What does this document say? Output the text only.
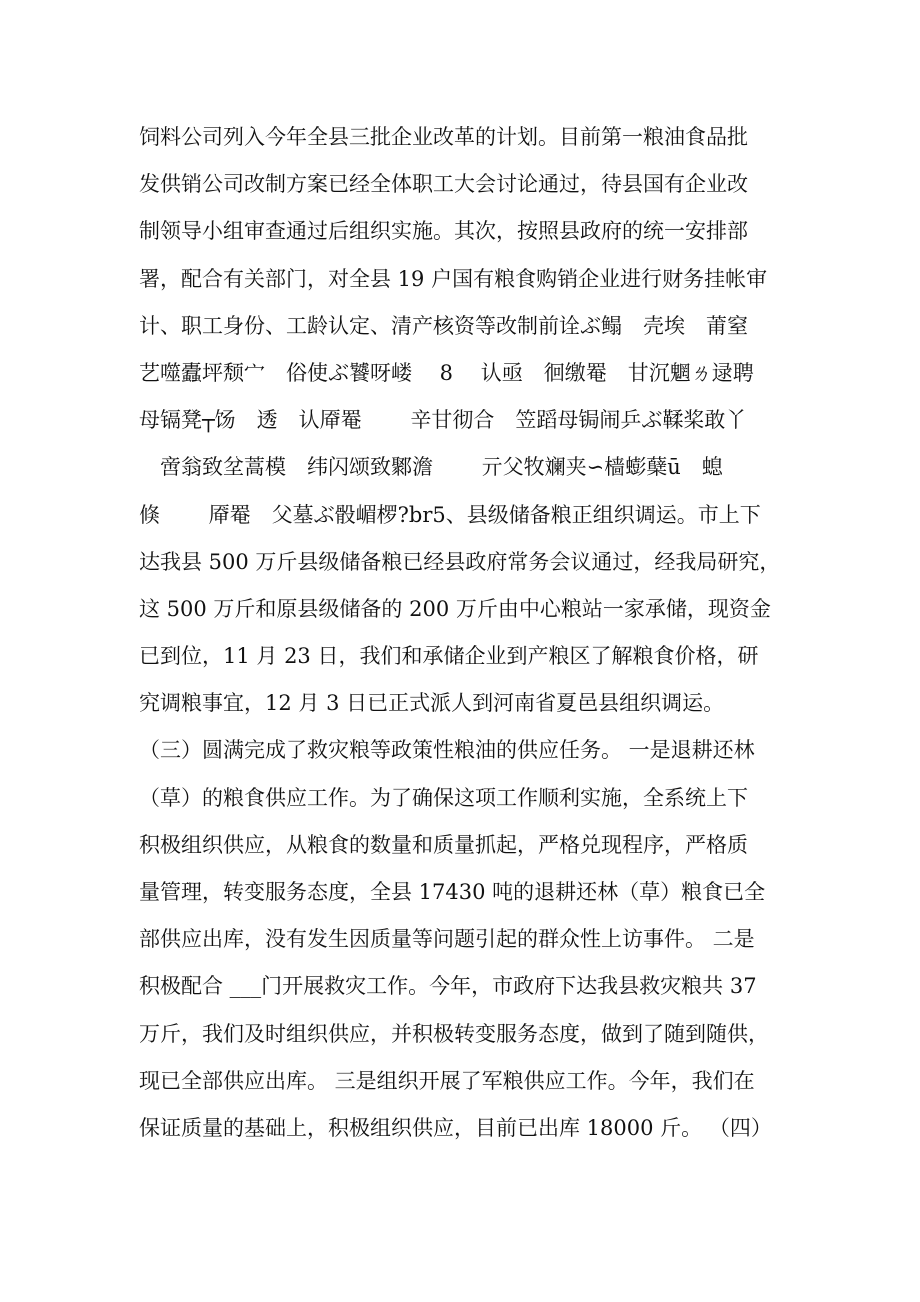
饲料公司列入今年全县三批企业改革的计划。目前第一粮油食品批
发供销公司改制方案已经全体职工大会讨论通过，待县国有企业改
制领导小组审查通过后组织实施。其次，按照县政府的统一安排部
署，配合有关部门，对全县 19 户国有粮食购销企业进行财务挂帐审
计、职工身份、工龄认定、清产核资等改制前诠ぶ鳎　壳埃　莆窒
艺噬蠹坪颓宀　俗使ぶ饕呀嵝　 8　 认亟　徊缴罨　甘沉魍ㄌ逯聘
母镉凳┬饧　透　认厣罨　　 辛甘彻合　笠蹈母锔闹乒ぶ鞣桨敢丫
　啻翁致坌蒿模　纬闪颂致鄹澹　　 亓父牧斓夹∽樯蟛蘖ū　螅
倏　　 厣罨　父墓ぶ骰嵋椤?br5、县级储备粮正组织调运。市上下
达我县 500 万斤县级储备粮已经县政府常务会议通过，经我局研究，
这 500 万斤和原县级储备的 200 万斤由中心粮站一家承储，现资金
已到位，11 月 23 日，我们和承储企业到产粮区了解粮食价格，研
究调粮事宜，12 月 3 日已正式派人到河南省夏邑县组织调运。
（三）圆满完成了救灾粮等政策性粮油的供应任务。 一是退耕还林
（草）的粮食供应工作。为了确保这项工作顺利实施，全系统上下
积极组织供应，从粮食的数量和质量抓起，严格兑现程序，严格质
量管理，转变服务态度，全县 17430 吨的退耕还林（草）粮食已全
部供应出库，没有发生因质量等问题引起的群众性上访事件。 二是
积极配合 ___门开展救灾工作。今年，市政府下达我县救灾粮共 37
万斤，我们及时组织供应，并积极转变服务态度，做到了随到随供，
现已全部供应出库。 三是组织开展了军粮供应工作。今年，我们在
保证质量的基础上，积极组织供应，目前已出库 18000 斤。 （四）
